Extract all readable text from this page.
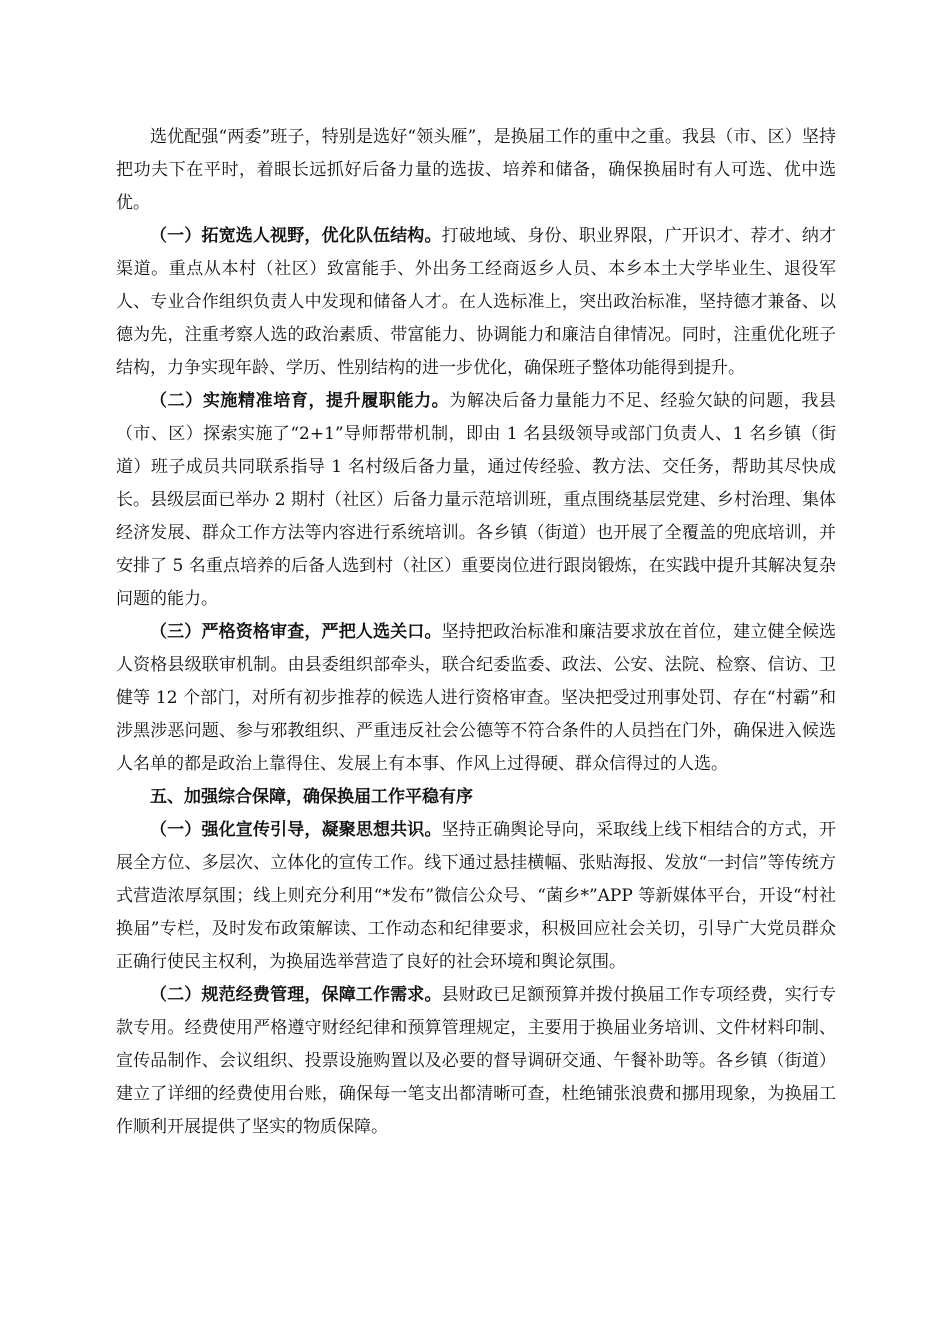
选优配强“两委”班子，特别是选好“领头雁”，是换届工作的重中之重。我县（市、区）坚持把功夫下在平时，着眼长远抓好后备力量的选拔、培养和储备，确保换届时有人可选、优中选优。

（一）拓宽选人视野，优化队伍结构。打破地域、身份、职业界限，广开识才、荐才、纳才渠道。重点从本村（社区）致富能手、外出务工经商返乡人员、本乡本土大学毕业生、退役军人、专业合作组织负责人中发现和储备人才。在人选标准上，突出政治标准，坚持德才兼备、以德为先，注重考察人选的政治素质、带富能力、协调能力和廉洁自律情况。同时，注重优化班子结构，力争实现年龄、学历、性别结构的进一步优化，确保班子整体功能得到提升。

（二）实施精准培育，提升履职能力。为解决后备力量能力不足、经验欠缺的问题，我县（市、区）探索实施了“2+1”导师帮带机制，即由 1 名县级领导或部门负责人、1 名乡镇（街道）班子成员共同联系指导 1 名村级后备力量，通过传经验、教方法、交任务，帮助其尽快成长。县级层面已举办 2 期村（社区）后备力量示范培训班，重点围绕基层党建、乡村治理、集体经济发展、群众工作方法等内容进行系统培训。各乡镇（街道）也开展了全覆盖的兜底培训，并安排了 5 名重点培养的后备人选到村（社区）重要岗位进行跟岗锻炼，在实践中提升其解决复杂问题的能力。

（三）严格资格审查，严把人选关口。坚持把政治标准和廉洁要求放在首位，建立健全候选人资格县级联审机制。由县委组织部牵头，联合纪委监委、政法、公安、法院、检察、信访、卫健等 12 个部门，对所有初步推荐的候选人进行资格审查。坚决把受过刑事处罚、存在“村霸”和涉黑涉恶问题、参与邪教组织、严重违反社会公德等不符合条件的人员挡在门外，确保进入候选人名单的都是政治上靠得住、发展上有本事、作风上过得硬、群众信得过的人选。

五、加强综合保障，确保换届工作平稳有序

（一）强化宣传引导，凝聚思想共识。坚持正确舆论导向，采取线上线下相结合的方式，开展全方位、多层次、立体化的宣传工作。线下通过悬挂横幅、张贴海报、发放“一封信”等传统方式营造浓厚氛围；线上则充分利用“*发布”微信公众号、“菌乡*”APP 等新媒体平台，开设“村社换届”专栏，及时发布政策解读、工作动态和纪律要求，积极回应社会关切，引导广大党员群众正确行使民主权利，为换届选举营造了良好的社会环境和舆论氛围。

（二）规范经费管理，保障工作需求。县财政已足额预算并拨付换届工作专项经费，实行专款专用。经费使用严格遵守财经纪律和预算管理规定，主要用于换届业务培训、文件材料印制、宣传品制作、会议组织、投票设施购置以及必要的督导调研交通、午餐补助等。各乡镇（街道）建立了详细的经费使用台账，确保每一笔支出都清晰可查，杜绝铺张浪费和挪用现象，为换届工作顺利开展提供了坚实的物质保障。
